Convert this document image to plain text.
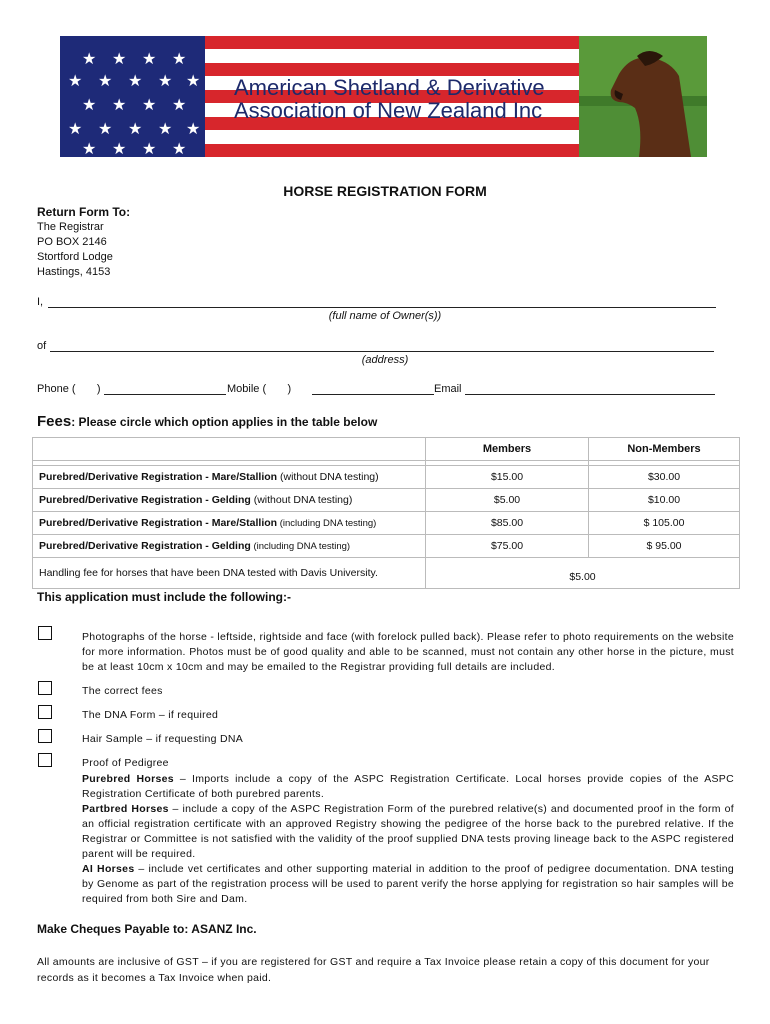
★ ★ ★ ★
★ ★ ★ ★ ★
★ ★ ★ ★
★ ★ ★ ★ ★
★ ★ ★ ★
American Shetland & Derivative
Association of New Zealand Inc
HORSE REGISTRATION FORM
Return Form To:
The Registrar
PO BOX 2146
Stortford Lodge
Hastings, 4153
I,
(full name of Owner(s))
of
(address)
Phone (       )	Mobile (       )	Email
Fees: Please circle which option applies in the table below
	Members	Non-Members

Purebred/Derivative Registration - Mare/Stallion (without DNA testing)	$15.00	$30.00
Purebred/Derivative Registration - Gelding (without DNA testing)	$5.00	$10.00
Purebred/Derivative Registration - Mare/Stallion (including DNA testing)	$85.00	$ 105.00
Purebred/Derivative Registration - Gelding (including DNA testing)	$75.00	$ 95.00
Handling fee for horses that have been DNA tested with Davis University.	$5.00	
This application must include the following:-
Photographs of the horse - leftside, rightside and face (with forelock pulled back). Please refer to photo requirements on the website for more information. Photos must be of good quality and able to be scanned, must not contain any other horse in the picture, must be at least 10cm x 10cm and may be emailed to the Registrar providing full details are included.
The correct fees
The DNA Form – if required
Hair Sample – if requesting DNA
Proof of Pedigree
Purebred Horses – Imports include a copy of the ASPC Registration Certificate. Local horses provide copies of the ASPC Registration Certificate of both purebred parents.
Partbred Horses – include a copy of the ASPC Registration Form of the purebred relative(s) and documented proof in the form of an official registration certificate with an approved Registry showing the pedigree of the horse back to the purebred relative. If the Registrar or Committee is not satisfied with the validity of the proof supplied DNA tests proving lineage back to the ASPC registered parent will be required.
AI Horses – include vet certificates and other supporting material in addition to the proof of pedigree documentation. DNA testing by Genome as part of the registration process will be used to parent verify the horse applying for registration so hair samples will be required from both Sire and Dam.
Make Cheques Payable to: ASANZ Inc.
All amounts are inclusive of GST – if you are registered for GST and require a Tax Invoice please retain a copy of this document for your records as it becomes a Tax Invoice when paid.
